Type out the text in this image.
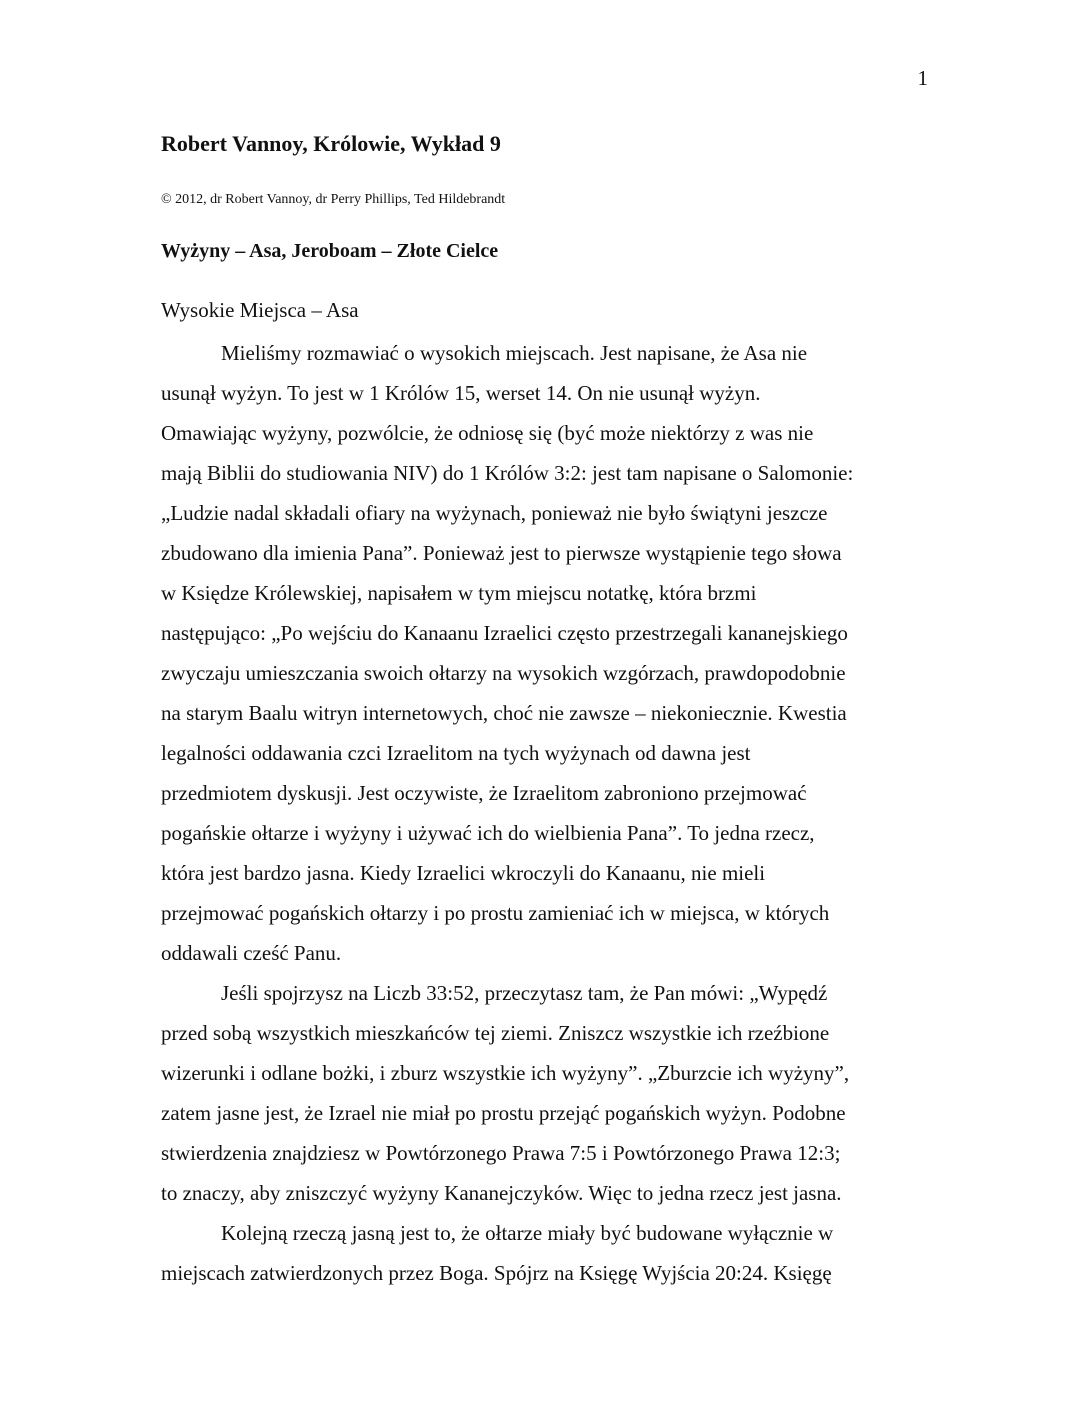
1
Robert Vannoy, Królowie, Wykład 9
© 2012, dr Robert Vannoy, dr Perry Phillips, Ted Hildebrandt
Wyżyny – Asa, Jeroboam – Złote Cielce
Wysokie Miejsca – Asa
Mieliśmy rozmawiać o wysokich miejscach. Jest napisane, że Asa nie
usunął wyżyn. To jest w 1 Królów 15, werset 14. On nie usunął wyżyn.
Omawiając wyżyny, pozwólcie, że odniosę się (być może niektórzy z was nie
mają Biblii do studiowania NIV) do 1 Królów 3:2: jest tam napisane o Salomonie:
„Ludzie nadal składali ofiary na wyżynach, ponieważ nie było świątyni jeszcze
zbudowano dla imienia Pana”. Ponieważ jest to pierwsze wystąpienie tego słowa
w Księdze Królewskiej, napisałem w tym miejscu notatkę, która brzmi
następująco: „Po wejściu do Kanaanu Izraelici często przestrzegali kananejskiego
zwyczaju umieszczania swoich ołtarzy na wysokich wzgórzach, prawdopodobnie
na starym Baalu witryn internetowych, choć nie zawsze – niekoniecznie. Kwestia
legalności oddawania czci Izraelitom na tych wyżynach od dawna jest
przedmiotem dyskusji. Jest oczywiste, że Izraelitom zabroniono przejmować
pogańskie ołtarze i wyżyny i używać ich do wielbienia Pana”. To jedna rzecz,
która jest bardzo jasna. Kiedy Izraelici wkroczyli do Kanaanu, nie mieli
przejmować pogańskich ołtarzy i po prostu zamieniać ich w miejsca, w których
oddawali cześć Panu.
Jeśli spojrzysz na Liczb 33:52, przeczytasz tam, że Pan mówi: „Wypędź
przed sobą wszystkich mieszkańców tej ziemi. Zniszcz wszystkie ich rzeźbione
wizerunki i odlane bożki, i zburz wszystkie ich wyżyny”. „Zburzcie ich wyżyny”,
zatem jasne jest, że Izrael nie miał po prostu przejąć pogańskich wyżyn. Podobne
stwierdzenia znajdziesz w Powtórzonego Prawa 7:5 i Powtórzonego Prawa 12:3;
to znaczy, aby zniszczyć wyżyny Kananejczyków. Więc to jedna rzecz jest jasna.
Kolejną rzeczą jasną jest to, że ołtarze miały być budowane wyłącznie w
miejscach zatwierdzonych przez Boga. Spójrz na Księgę Wyjścia 20:24. Księgę
